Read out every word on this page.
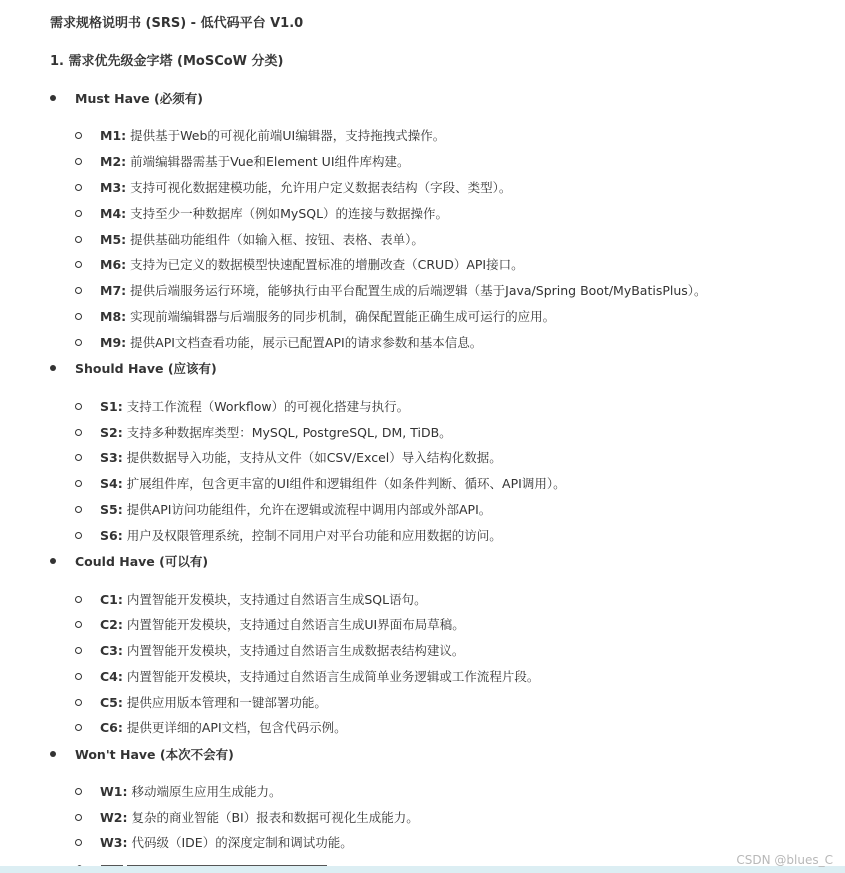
需求规格说明书 (SRS) - 低代码平台 V1.0
1. 需求优先级金字塔 (MoSCoW 分类)
Must Have (必须有)
M1: 提供基于Web的可视化前端UI编辑器，支持拖拽式操作。
M2: 前端编辑器需基于Vue和Element UI组件库构建。
M3: 支持可视化数据建模功能，允许用户定义数据表结构（字段、类型）。
M4: 支持至少一种数据库（例如MySQL）的连接与数据操作。
M5: 提供基础功能组件（如输入框、按钮、表格、表单）。
M6: 支持为已定义的数据模型快速配置标准的增删改查（CRUD）API接口。
M7: 提供后端服务运行环境，能够执行由平台配置生成的后端逻辑（基于Java/Spring Boot/MyBatisPlus）。
M8: 实现前端编辑器与后端服务的同步机制，确保配置能正确生成可运行的应用。
M9: 提供API文档查看功能，展示已配置API的请求参数和基本信息。
Should Have (应该有)
S1: 支持工作流程（Workflow）的可视化搭建与执行。
S2: 支持多种数据库类型：MySQL, PostgreSQL, DM, TiDB。
S3: 提供数据导入功能，支持从文件（如CSV/Excel）导入结构化数据。
S4: 扩展组件库，包含更丰富的UI组件和逻辑组件（如条件判断、循环、API调用）。
S5: 提供API访问功能组件，允许在逻辑或流程中调用内部或外部API。
S6: 用户及权限管理系统，控制不同用户对平台功能和应用数据的访问。
Could Have (可以有)
C1: 内置智能开发模块，支持通过自然语言生成SQL语句。
C2: 内置智能开发模块，支持通过自然语言生成UI界面布局草稿。
C3: 内置智能开发模块，支持通过自然语言生成数据表结构建议。
C4: 内置智能开发模块，支持通过自然语言生成简单业务逻辑或工作流程片段。
C5: 提供应用版本管理和一键部署功能。
C6: 提供更详细的API文档，包含代码示例。
Won't Have (本次不会有)
W1: 移动端原生应用生成能力。
W2: 复杂的商业智能（BI）报表和数据可视化生成能力。
W3: 代码级（IDE）的深度定制和调试功能。
CSDN @blues_C
